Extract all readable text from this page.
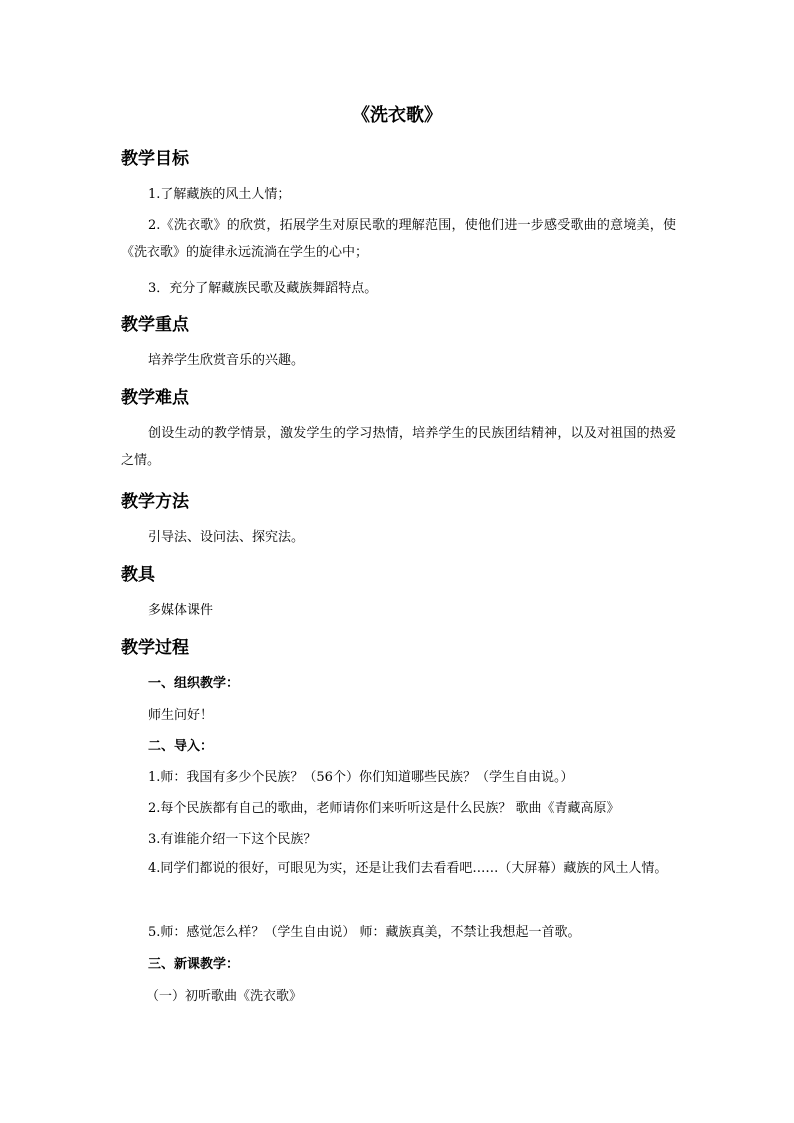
《洗衣歌》
教学目标
1.了解藏族的风土人情；

2.《洗衣歌》的欣赏，拓展学生对原民歌的理解范围，使他们进一步感受歌曲的意境美，使《洗衣歌》的旋律永远流淌在学生的心中；

3．充分了解藏族民歌及藏族舞蹈特点。
教学重点
培养学生欣赏音乐的兴趣。
教学难点

创设生动的教学情景，激发学生的学习热情，培养学生的民族团结精神，以及对祖国的热爱之情。

教学方法
引导法、设问法、探究法。
教具
多媒体课件
教学过程
一、组织教学：
师生问好！
二、导入：
1.师：我国有多少个民族？（56个）你们知道哪些民族？（学生自由说。）
2.每个民族都有自己的歌曲，老师请你们来听听这是什么民族？ 歌曲《青藏高原》
3.有谁能介绍一下这个民族？

4.同学们都说的很好，可眼见为实，还是让我们去看看吧……（大屏幕）藏族的风土人情。

5.师：感觉怎么样？（学生自由说） 师：藏族真美，不禁让我想起一首歌。
三、新课教学：
（一）初听歌曲《洗衣歌》
